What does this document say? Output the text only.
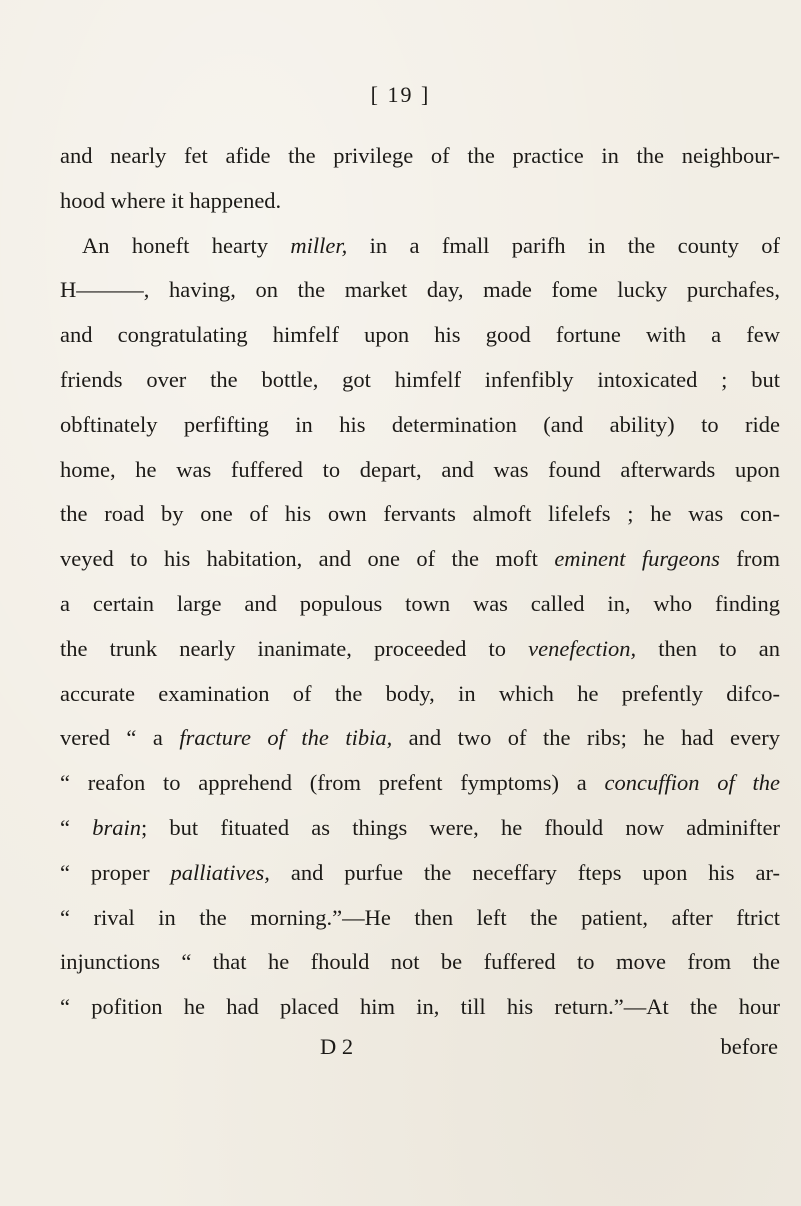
[ 19 ]
and nearly fet afide the privilege of the practice in the neighbour-
hood where it happened.
An honeft hearty miller, in a fmall parifh in the county of
H———, having, on the market day, made fome lucky purchafes,
and congratulating himfelf upon his good fortune with a few
friends over the bottle, got himfelf infenfibly intoxicated ; but
obftinately perfifting in his determination (and ability) to ride
home, he was fuffered to depart, and was found afterwards upon
the road by one of his own fervants almoft lifelefs ; he was con-
veyed to his habitation, and one of the moft eminent furgeons from
a certain large and populous town was called in, who finding
the trunk nearly inanimate, proceeded to venefection, then to an
accurate examination of the body, in which he prefently difco-
vered “ a fracture of the tibia, and two of the ribs; he had every
“ reafon to apprehend (from prefent fymptoms) a concuffion of the
“ brain; but fituated as things were, he fhould now adminifter
“ proper palliatives, and purfue the neceffary fteps upon his ar-
“ rival in the morning.”—He then left the patient, after ftrict
injunctions “ that he fhould not be fuffered to move from the
“ pofition he had placed him in, till his return.”—At the hour
D 2	before
